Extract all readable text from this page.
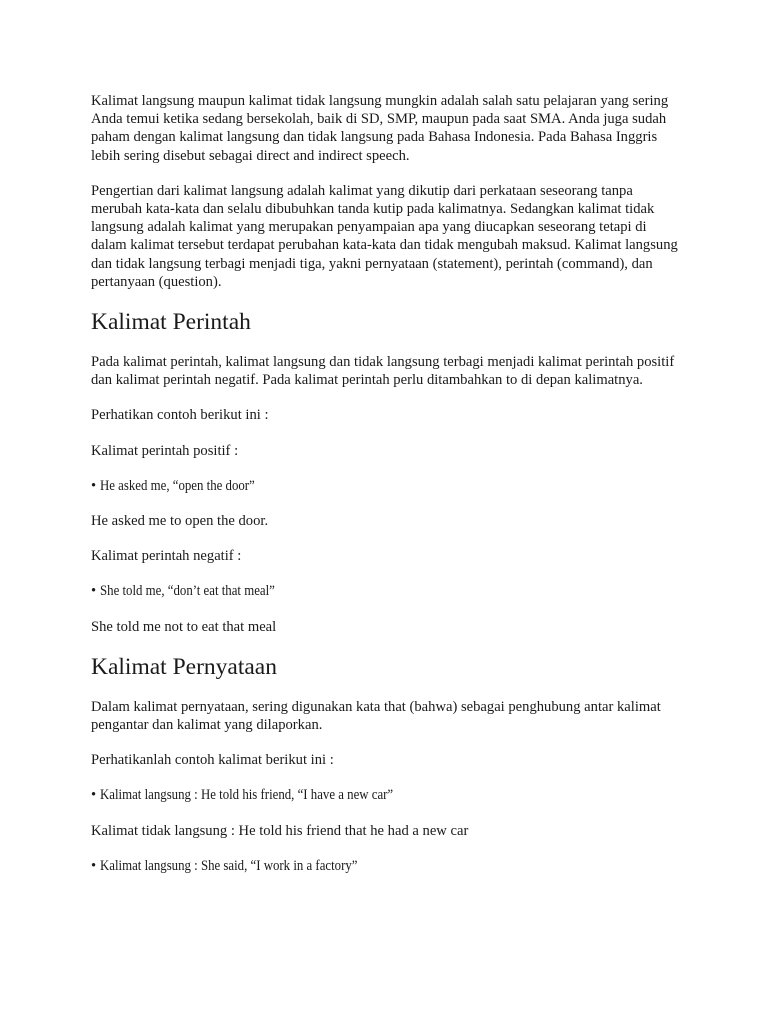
Kalimat langsung maupun kalimat tidak langsung mungkin adalah salah satu pelajaran yang sering Anda temui ketika sedang bersekolah, baik di SD, SMP, maupun pada saat SMA. Anda juga sudah paham dengan kalimat langsung dan tidak langsung pada Bahasa Indonesia. Pada Bahasa Inggris lebih sering disebut sebagai direct and indirect speech.

Pengertian dari kalimat langsung adalah kalimat yang dikutip dari perkataan seseorang tanpa merubah kata-kata dan selalu dibubuhkan tanda kutip pada kalimatnya. Sedangkan kalimat tidak langsung adalah kalimat yang merupakan penyampaian apa yang diucapkan seseorang tetapi di dalam kalimat tersebut terdapat perubahan kata-kata dan tidak mengubah maksud. Kalimat langsung dan tidak langsung terbagi menjadi tiga, yakni pernyataan (statement), perintah (command), dan pertanyaan (question).

Kalimat Perintah

Pada kalimat perintah, kalimat langsung dan tidak langsung terbagi menjadi kalimat perintah positif dan kalimat perintah negatif. Pada kalimat perintah perlu ditambahkan to di depan kalimatnya.

Perhatikan contoh berikut ini :

Kalimat perintah positif :

• He asked me, “open the door”

He asked me to open the door.

Kalimat perintah negatif :

• She told me, “don’t eat that meal”

She told me not to eat that meal

Kalimat Pernyataan

Dalam kalimat pernyataan, sering digunakan kata that (bahwa) sebagai penghubung antar kalimat pengantar dan kalimat yang dilaporkan.

Perhatikanlah contoh kalimat berikut ini :

• Kalimat langsung : He told his friend, “I have a new car”

Kalimat tidak langsung : He told his friend that he had a new car

• Kalimat langsung : She said, “I work in a factory”
